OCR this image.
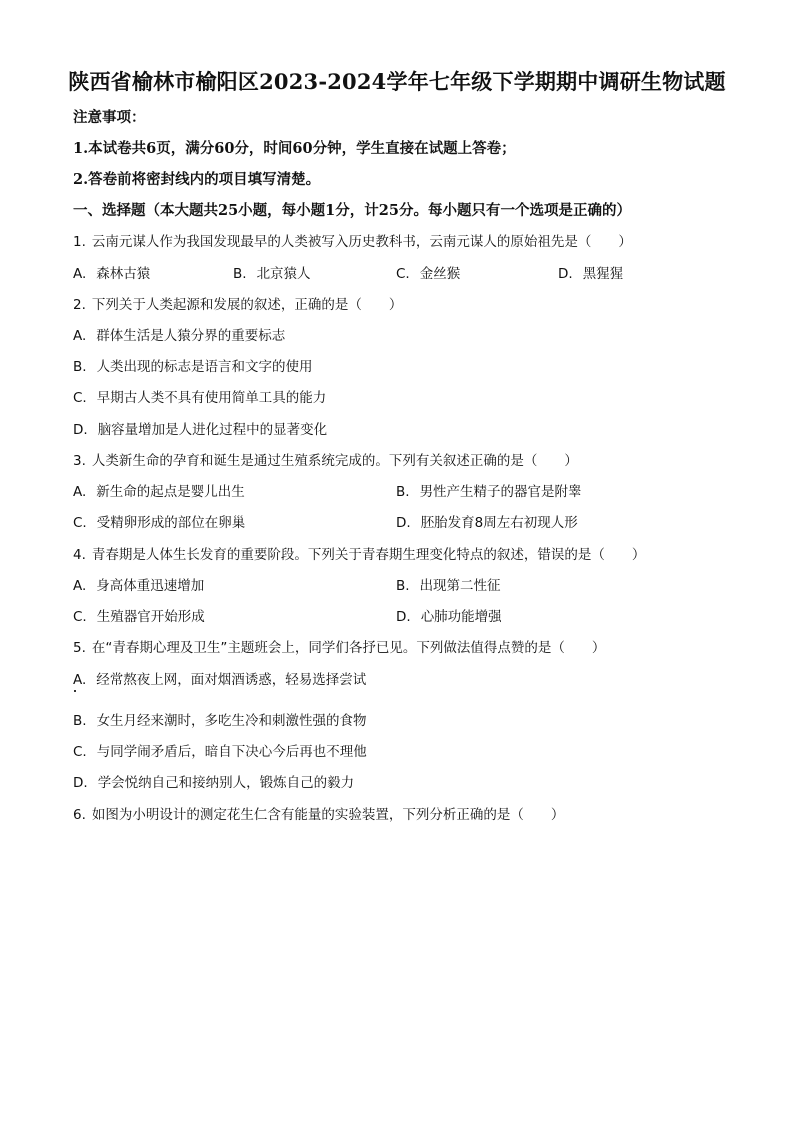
陕西省榆林市榆阳区2023-2024学年七年级下学期期中调研生物试题
注意事项：
1.本试卷共6页，满分60分，时间60分钟，学生直接在试题上答卷；
2.答卷前将密封线内的项目填写清楚。
一、选择题（本大题共25小题，每小题1分，计25分。每小题只有一个选项是正确的）
1. 云南元谋人作为我国发现最早的人类被写入历史教科书，云南元谋人的原始祖先是（　　）
A. 森林古猿	B. 北京猿人	C. 金丝猴	D. 黑猩猩
2. 下列关于人类起源和发展的叙述，正确的是（　　）
A. 群体生活是人猿分界的重要标志
B. 人类出现的标志是语言和文字的使用
C. 早期古人类不具有使用简单工具的能力
D. 脑容量增加是人进化过程中的显著变化
3. 人类新生命的孕育和诞生是通过生殖系统完成的。下列有关叙述正确的是（　　）
A. 新生命的起点是婴儿出生	B. 男性产生精子的器官是附睾
C. 受精卵形成的部位在卵巢	D. 胚胎发育8周左右初现人形
4. 青春期是人体生长发育的重要阶段。下列关于青春期生理变化特点的叙述，错误的是（　　）
A. 身高体重迅速增加	B. 出现第二性征
C. 生殖器官开始形成	D. 心肺功能增强
5. 在“青春期心理及卫生”主题班会上，同学们各抒已见。下列做法值得点赞的是（　　）
A. 经常熬夜上网，面对烟酒诱惑，轻易选择尝试
B. 女生月经来潮时，多吃生冷和刺激性强的食物
C. 与同学闹矛盾后，暗自下决心今后再也不理他
D. 学会悦纳自己和接纳别人，锻炼自己的毅力
6. 如图为小明设计的测定花生仁含有能量的实验装置，下列分析正确的是（　　）
